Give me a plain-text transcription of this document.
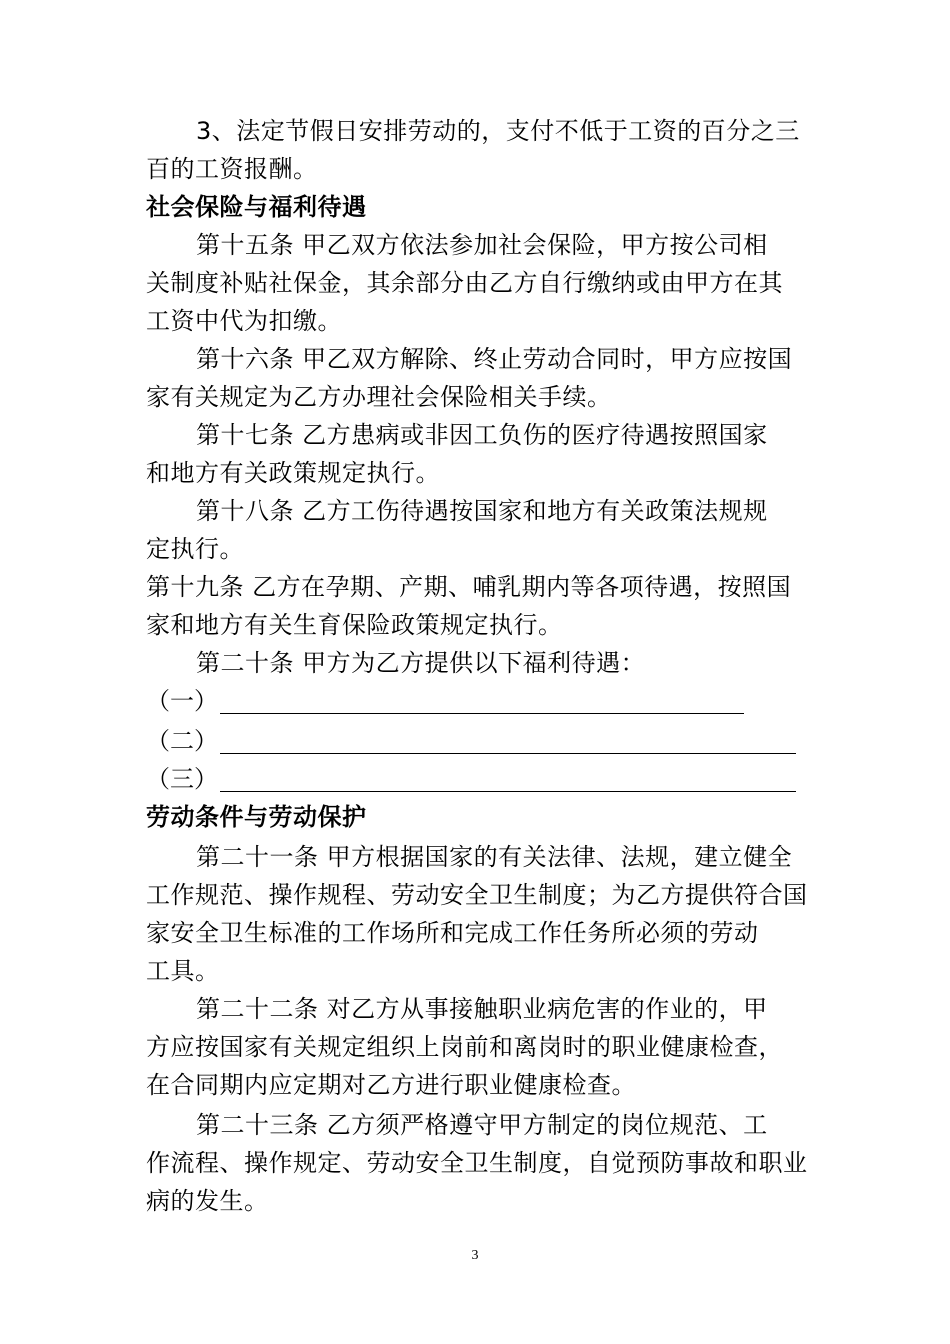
3、法定节假日安排劳动的，支付不低于工资的百分之三
百的工资报酬。
社会保险与福利待遇
第十五条 甲乙双方依法参加社会保险，甲方按公司相
关制度补贴社保金，其余部分由乙方自行缴纳或由甲方在其
工资中代为扣缴。
第十六条 甲乙双方解除、终止劳动合同时，甲方应按国
家有关规定为乙方办理社会保险相关手续。
第十七条 乙方患病或非因工负伤的医疗待遇按照国家
和地方有关政策规定执行。
第十八条 乙方工伤待遇按国家和地方有关政策法规规
定执行。
第十九条 乙方在孕期、产期、哺乳期内等各项待遇，按照国
家和地方有关生育保险政策规定执行。
第二十条 甲方为乙方提供以下福利待遇：
（一）
（二）
（三）
劳动条件与劳动保护
第二十一条 甲方根据国家的有关法律、法规，建立健全
工作规范、操作规程、劳动安全卫生制度；为乙方提供符合国
家安全卫生标准的工作场所和完成工作任务所必须的劳动
工具。
第二十二条 对乙方从事接触职业病危害的作业的，甲
方应按国家有关规定组织上岗前和离岗时的职业健康检查，
在合同期内应定期对乙方进行职业健康检查。
第二十三条 乙方须严格遵守甲方制定的岗位规范、工
作流程、操作规定、劳动安全卫生制度，自觉预防事故和职业
病的发生。
3
